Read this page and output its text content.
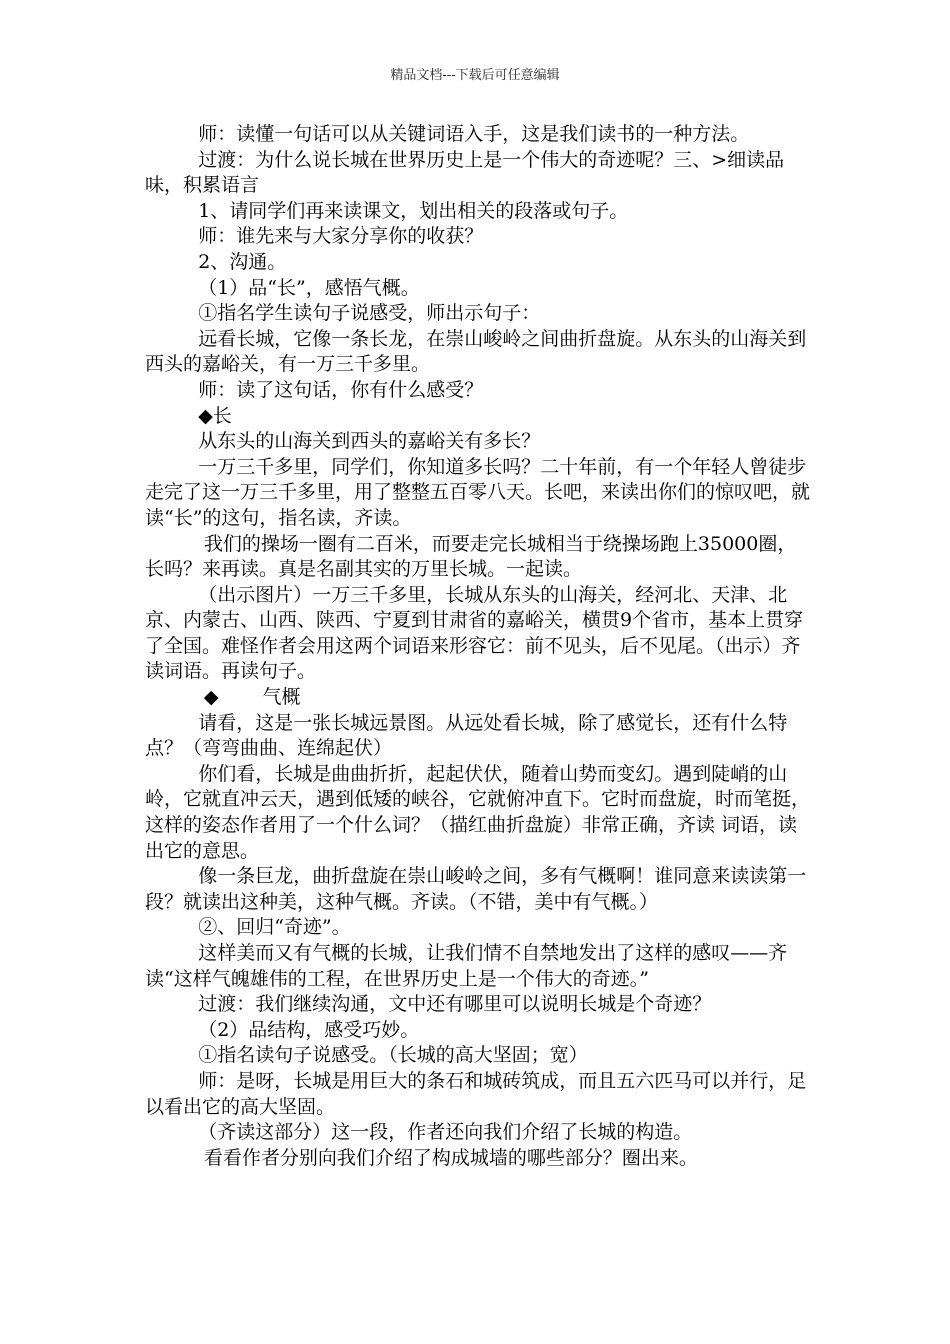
精品文档---下载后可任意编辑

师：读懂一句话可以从关键词语入手，这是我们读书的一种方法。

过渡：为什么说长城在世界历史上是一个伟大的奇迹呢？三、>细读品味，积累语言

1、请同学们再来读课文，划出相关的段落或句子。

师：谁先来与大家分享你的收获？

2、沟通。

（1）品“长”，感悟气概。

①指名学生读句子说感受，师出示句子：

远看长城，它像一条长龙，在崇山峻岭之间曲折盘旋。从东头的山海关到西头的嘉峪关，有一万三千多里。

师：读了这句话，你有什么感受？

◆长

从东头的山海关到西头的嘉峪关有多长？

一万三千多里，同学们，你知道多长吗？二十年前，有一个年轻人曾徒步走完了这一万三千多里，用了整整五百零八天。长吧，来读出你们的惊叹吧，就读“长”的这句，指名读，齐读。

我们的操场一圈有二百米，而要走完长城相当于绕操场跑上35000圈，长吗？来再读。真是名副其实的万里长城。一起读。

（出示图片）一万三千多里，长城从东头的山海关，经河北、天津、北京、内蒙古、山西、陕西、宁夏到甘肃省的嘉峪关，横贯9个省市，基本上贯穿了全国。难怪作者会用这两个词语来形容它：前不见头，后不见尾。（出示）齐读词语。再读句子。

◆ 气概

请看，这是一张长城远景图。从远处看长城，除了感觉长，还有什么特点？（弯弯曲曲、连绵起伏）

你们看，长城是曲曲折折，起起伏伏，随着山势而变幻。遇到陡峭的山岭，它就直冲云天，遇到低矮的峡谷，它就俯冲直下。它时而盘旋，时而笔挺，这样的姿态作者用了一个什么词？（描红曲折盘旋）非常正确，齐读 词语，读出它的意思。

像一条巨龙，曲折盘旋在崇山峻岭之间，多有气概啊！谁同意来读读第一段？就读出这种美，这种气概。齐读。（不错，美中有气概。）

②、回归“奇迹”。

这样美而又有气概的长城，让我们情不自禁地发出了这样的感叹——齐读“这样气魄雄伟的工程，在世界历史上是一个伟大的奇迹。”

过渡：我们继续沟通，文中还有哪里可以说明长城是个奇迹？

（2）品结构，感受巧妙。

①指名读句子说感受。（长城的高大坚固；宽）

师：是呀，长城是用巨大的条石和城砖筑成，而且五六匹马可以并行，足以看出它的高大坚固。

（齐读这部分）这一段，作者还向我们介绍了长城的构造。

看看作者分别向我们介绍了构成城墙的哪些部分？圈出来。
